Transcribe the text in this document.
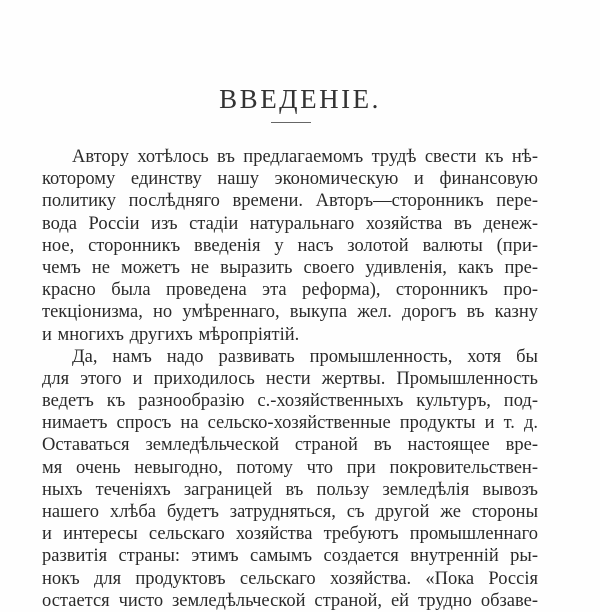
ВВЕДЕНІЕ.
Автору хотѣлось въ предлагаемомъ трудѣ свести къ нѣ-
которому единству нашу экономическую и финансовую
политику послѣдняго времени. Авторъ—сторонникъ пере-
вода Россіи изъ стадіи натуральнаго хозяйства въ денеж-
ное, сторонникъ введенія у насъ золотой валюты (при-
чемъ не можетъ не выразить своего удивленія, какъ пре-
красно была проведена эта реформа), сторонникъ про-
текціонизма, но умѣреннаго, выкупа жел. дорогъ въ казну
и многихъ другихъ мѣропріятій.
Да, намъ надо развивать промышленность, хотя бы
для этого и приходилось нести жертвы. Промышленность
ведетъ къ разнообразію с.-хозяйственныхъ культуръ, под-
нимаетъ спросъ на сельско-хозяйственные продукты и т. д.
Оставаться земледѣльческой страной въ настоящее вре-
мя очень невыгодно, потому что при покровительствен-
ныхъ теченіяхъ заграницей въ пользу земледѣлія вывозъ
нашего хлѣба будетъ затрудняться, съ другой же стороны
и интересы сельскаго хозяйства требуютъ промышленнаго
развитія страны: этимъ самымъ создается внутренній ры-
нокъ для продуктовъ сельскаго хозяйства. «Пока Россія
остается чисто земледѣльческой страной, ей трудно обзаве-
